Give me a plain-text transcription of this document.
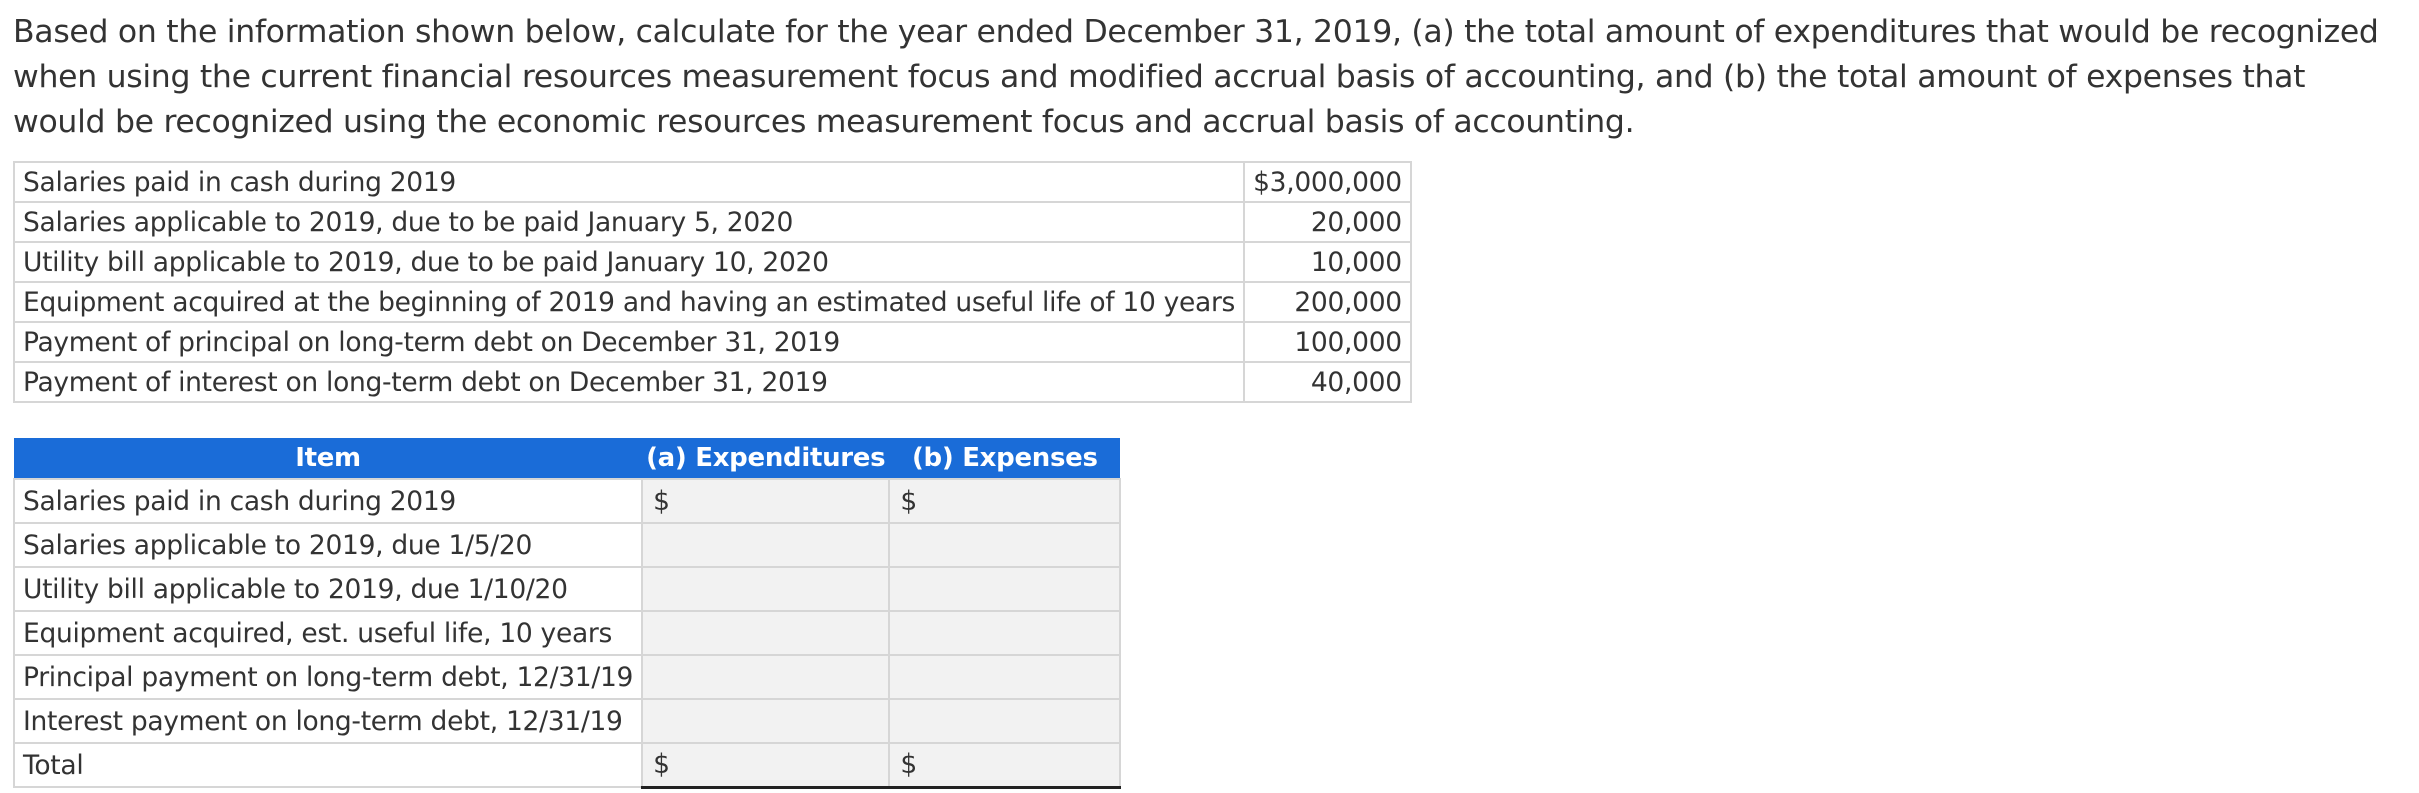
Based on the information shown below, calculate for the year ended December 31, 2019, (a) the total amount of expenditures that would be recognized when using the current financial resources measurement focus and modified accrual basis of accounting, and (b) the total amount of expenses that would be recognized using the economic resources measurement focus and accrual basis of accounting.

Salaries paid in cash during 2019	$3,000,000
Salaries applicable to 2019, due to be paid January 5, 2020	20,000
Utility bill applicable to 2019, due to be paid January 10, 2020	10,000
Equipment acquired at the beginning of 2019 and having an estimated useful life of 10 years	200,000
Payment of principal on long-term debt on December 31, 2019	100,000
Payment of interest on long-term debt on December 31, 2019	40,000
Item	(a) Expenditures	(b) Expenses
Salaries paid in cash during 2019	$	$
Salaries applicable to 2019, due 1/5/20		
Utility bill applicable to 2019, due 1/10/20		
Equipment acquired, est. useful life, 10 years		
Principal payment on long-term debt, 12/31/19		
Interest payment on long-term debt, 12/31/19		
Total	$	$
